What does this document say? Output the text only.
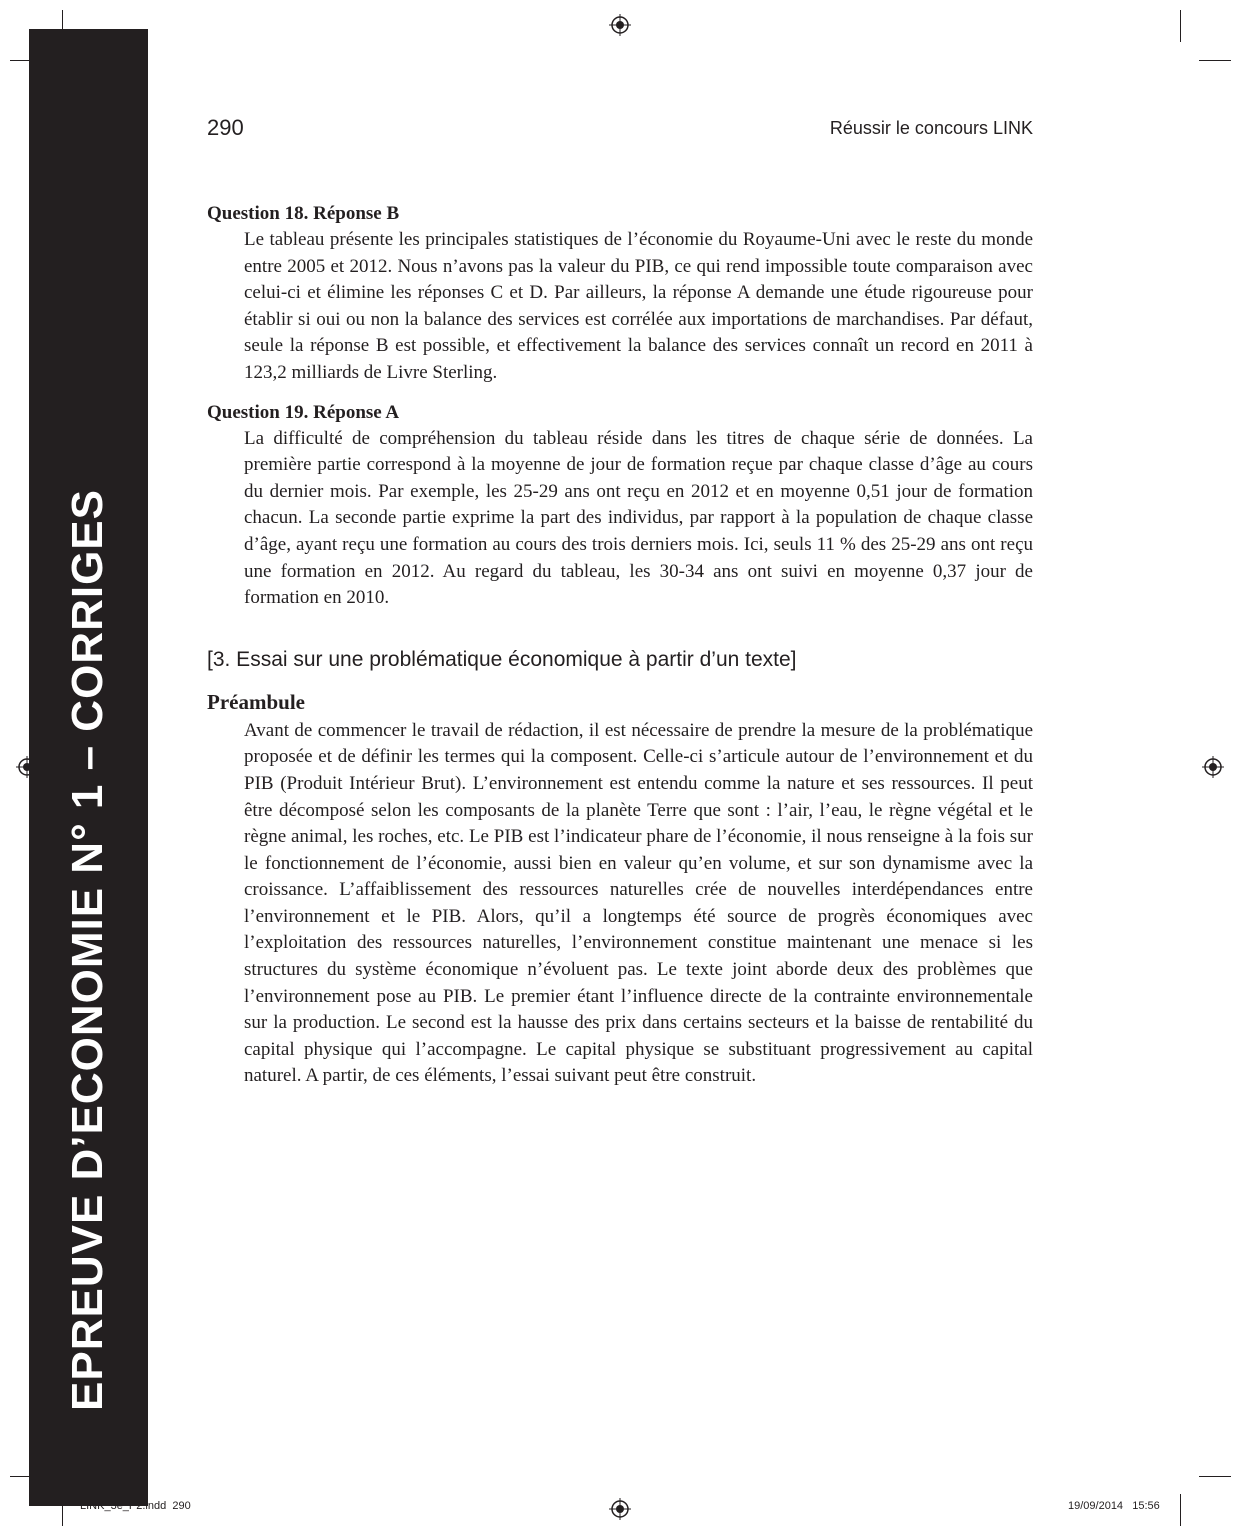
EPREUVE D’ECONOMIE N° 1 – CORRIGES
290	Réussir le concours LINK

Question 18. Réponse B

Le tableau présente les principales statistiques de l’économie du Royaume-Uni avec le reste du monde entre 2005 et 2012. Nous n’avons pas la valeur du PIB, ce qui rend impossible toute comparaison avec celui-ci et élimine les réponses C et D. Par ailleurs, la réponse A demande une étude rigoureuse pour établir si oui ou non la balance des services est corrélée aux importations de marchandises. Par défaut, seule la réponse B est possible, et effectivement la balance des services connaît un record en 2011 à 123,2 milliards de Livre Sterling.

Question 19. Réponse A

La difficulté de compréhension du tableau réside dans les titres de chaque série de données. La première partie correspond à la moyenne de jour de formation reçue par chaque classe d’âge au cours du dernier mois. Par exemple, les 25-29 ans ont reçu en 2012 et en moyenne 0,51 jour de formation chacun. La seconde partie exprime la part des individus, par rapport à la population de chaque classe d’âge, ayant reçu une formation au cours des trois derniers mois. Ici, seuls 11 % des 25-29 ans ont reçu une formation en 2012. Au regard du tableau, les 30-34 ans ont suivi en moyenne 0,37 jour de formation en 2010.

[3. Essai sur une problématique économique à partir d’un texte]

Préambule

Avant de commencer le travail de rédaction, il est nécessaire de prendre la mesure de la problématique proposée et de définir les termes qui la composent. Celle-ci s’articule autour de l’environnement et du PIB (Produit Intérieur Brut). L’environnement est entendu comme la nature et ses ressources. Il peut être décomposé selon les composants de la planète Terre que sont : l’air, l’eau, le règne végétal et le règne animal, les roches, etc. Le PIB est l’indicateur phare de l’économie, il nous renseigne à la fois sur le fonctionnement de l’économie, aussi bien en valeur qu’en volume, et sur son dynamisme avec la croissance. L’affaiblissement des ressources naturelles crée de nouvelles interdépendances entre l’environnement et le PIB. Alors, qu’il a longtemps été source de progrès économiques avec l’exploitation des ressources naturelles, l’environnement constitue maintenant une menace si les structures du système économique n’évoluent pas. Le texte joint aborde deux des problèmes que l’environnement pose au PIB. Le premier étant l’influence directe de la contrainte environnementale sur la production. Le second est la hausse des prix dans certains secteurs et la baisse de rentabilité du capital physique qui l’accompagne. Le capital physique se substituant progressivement au capital naturel. A partir, de ces éléments, l’essai suivant peut être construit.

LINK_3e_P2.indd 290	19/09/2014 15:56
